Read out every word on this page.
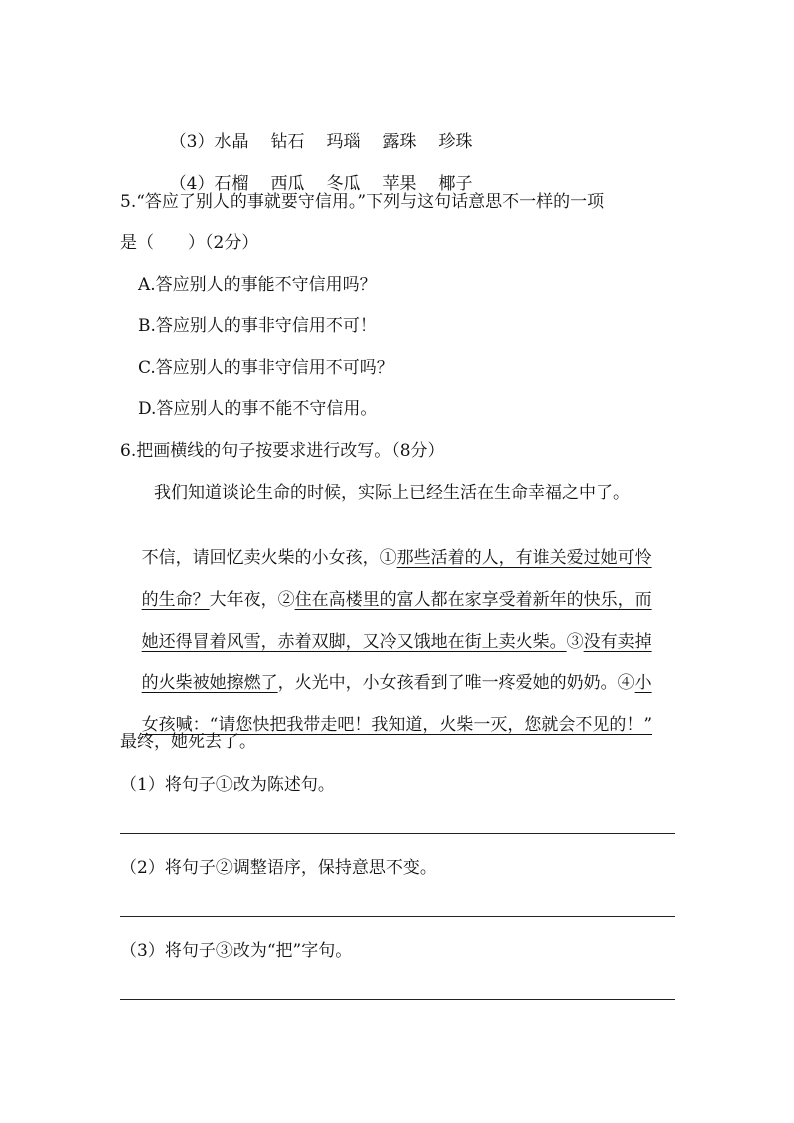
（3）水晶 钻石 玛瑙 露珠 珍珠

（4）石榴 西瓜 冬瓜 苹果 椰子

5.“答应了别人的事就要守信用。”下列与这句话意思不一样的一项
是（　　）（2分）
A.答应别人的事能不守信用吗？
B.答应别人的事非守信用不可！
C.答应别人的事非守信用不可吗？
D.答应别人的事不能不守信用。
6.把画横线的句子按要求进行改写。（8分）
　　我们知道谈论生命的时候，实际上已经生活在生命幸福之中了。

不信，请回忆卖火柴的小女孩，①那些活着的人，有谁关爱过她可怜

的生命？大年夜，②住在高楼里的富人都在家享受着新年的快乐，而

她还得冒着风雪，赤着双脚，又冷又饿地在街上卖火柴。③没有卖掉

的火柴被她擦燃了，火光中，小女孩看到了唯一疼爱她的奶奶。④小

女孩喊：“请您快把我带走吧！我知道，火柴一灭，您就会不见的！”

最终，她死去了。
（1）将句子①改为陈述句。
（2）将句子②调整语序，保持意思不变。
（3）将句子③改为“把”字句。
